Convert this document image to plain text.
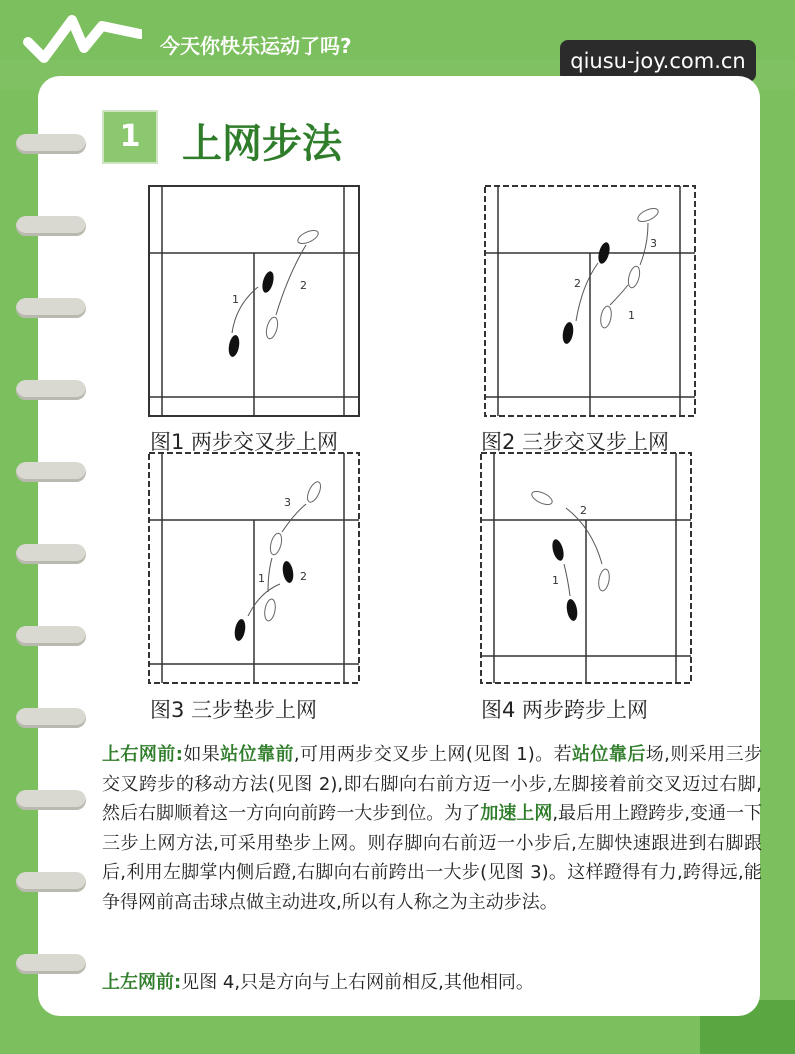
今天你快乐运动了吗?
qiusu-joy.com.cn
1	上网步法
1
2
图1 两步交叉步上网
1
2
3
图2 三步交叉步上网
1	2
3
图3 三步垫步上网
1
2
图4 两步跨步上网

上右网前:如果站位靠前,可用两步交叉步上网(见图 1)。若站位靠后场,则采用三步交叉跨步的移动方法(见图 2),即右脚向右前方迈一小步,左脚接着前交叉迈过右脚,然后右脚顺着这一方向向前跨一大步到位。为了加速上网,最后用上蹬跨步,变通一下三步上网方法,可采用垫步上网。则存脚向右前迈一小步后,左脚快速跟进到右脚跟后,利用左脚掌内侧后蹬,右脚向右前跨出一大步(见图 3)。这样蹬得有力,跨得远,能争得网前高击球点做主动进攻,所以有人称之为主动步法。

上左网前:见图 4,只是方向与上右网前相反,其他相同。
